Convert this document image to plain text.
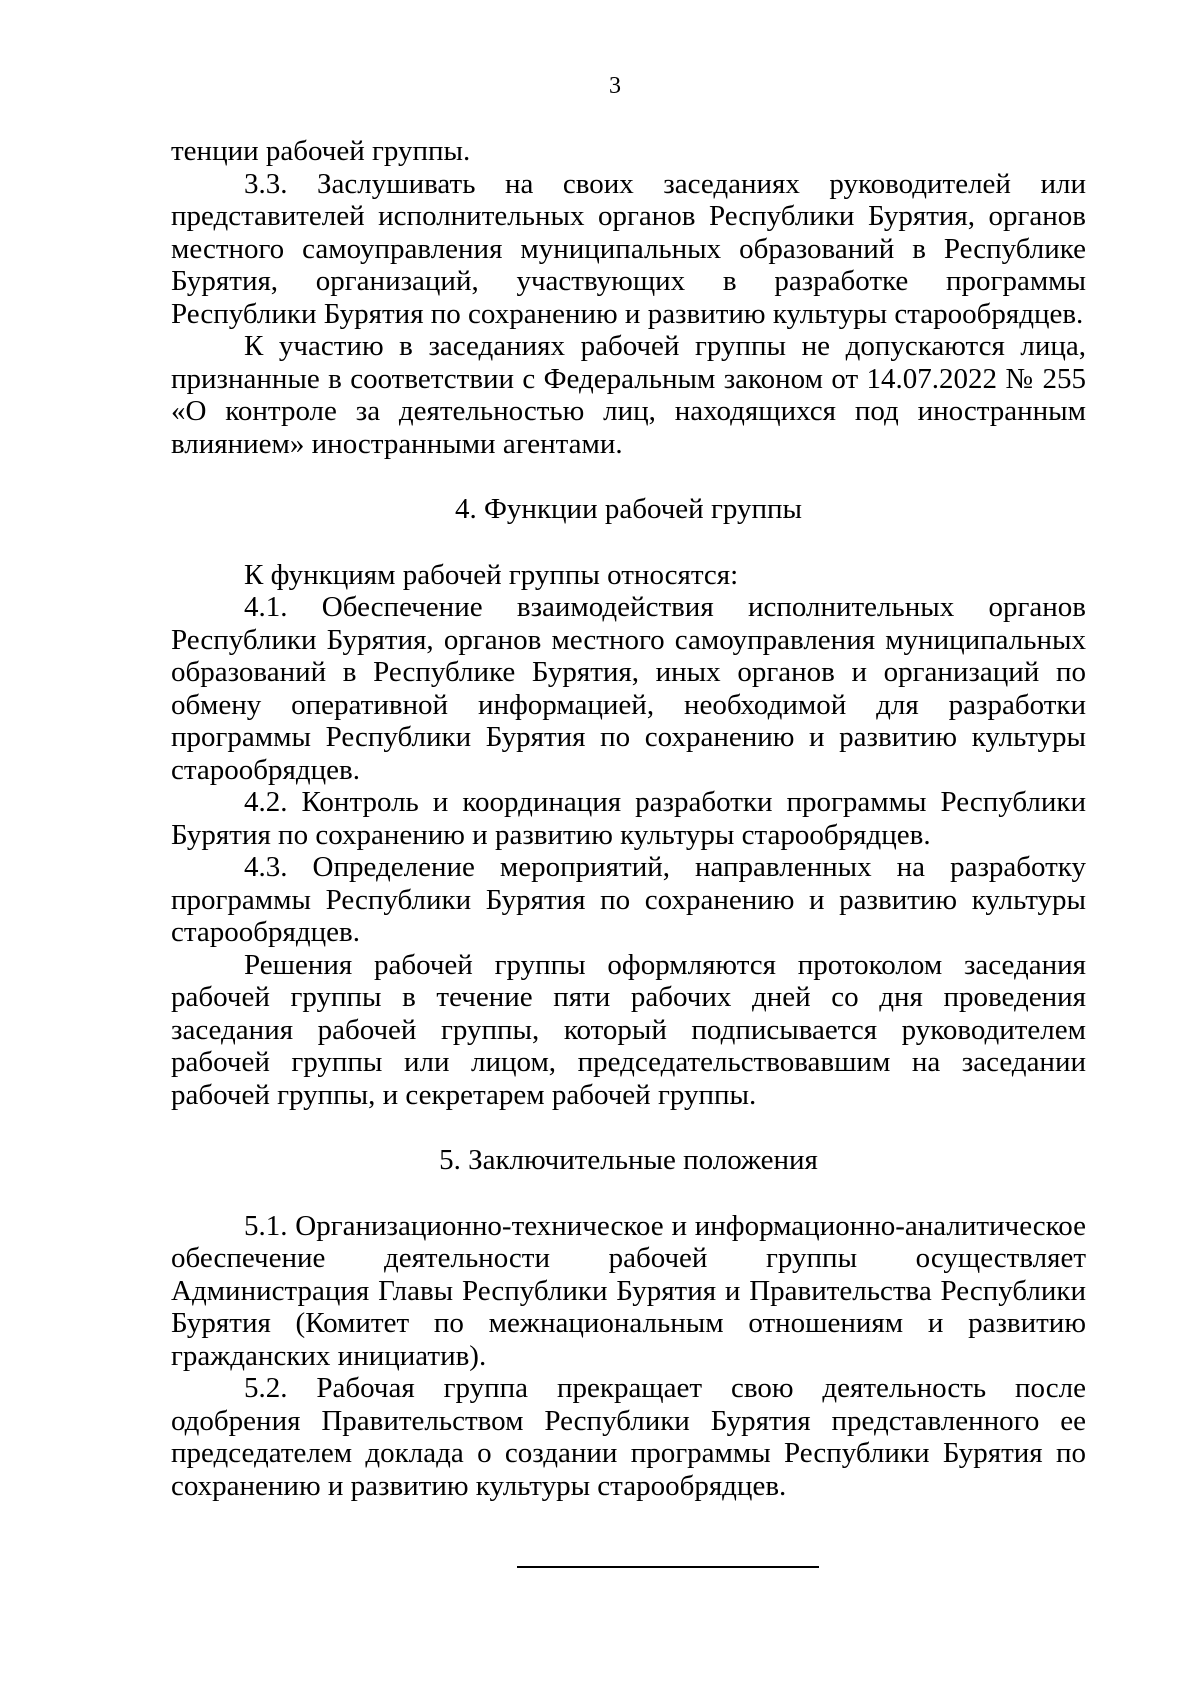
3

тенции рабочей группы.

3.3. Заслушивать на своих заседаниях руководителей или представителей исполнительных органов Республики Бурятия, органов местного самоуправления муниципальных образований в Республике Бурятия, организаций, участвующих в разработке программы Республики Бурятия по сохранению и развитию культуры старообрядцев.

К участию в заседаниях рабочей группы не допускаются лица, признанные в соответствии с Федеральным законом от 14.07.2022 № 255 «О контроле за деятельностью лиц, находящихся под иностранным влиянием» иностранными агентами.

4. Функции рабочей группы

К функциям рабочей группы относятся:

4.1. Обеспечение взаимодействия исполнительных органов Республики Бурятия, органов местного самоуправления муниципальных образований в Республике Бурятия, иных органов и организаций по обмену оперативной информацией, необходимой для разработки программы Республики Бурятия по сохранению и развитию культуры старообрядцев.

4.2. Контроль и координация разработки программы Республики Бурятия по сохранению и развитию культуры старообрядцев.

4.3. Определение мероприятий, направленных на разработку программы Республики Бурятия по сохранению и развитию культуры старообрядцев.

Решения рабочей группы оформляются протоколом заседания рабочей группы в течение пяти рабочих дней со дня проведения заседания рабочей группы, который подписывается руководителем рабочей группы или лицом, председательствовавшим на заседании рабочей группы, и секретарем рабочей группы.

5. Заключительные положения

5.1. Организационно-техническое и информационно-аналитическое обеспечение деятельности рабочей группы осуществляет Администрация Главы Республики Бурятия и Правительства Республики Бурятия (Комитет по межнациональным отношениям и развитию гражданских инициатив).

5.2. Рабочая группа прекращает свою деятельность после одобрения Правительством Республики Бурятия представленного ее председателем доклада о создании программы Республики Бурятия по сохранению и развитию культуры старообрядцев.
